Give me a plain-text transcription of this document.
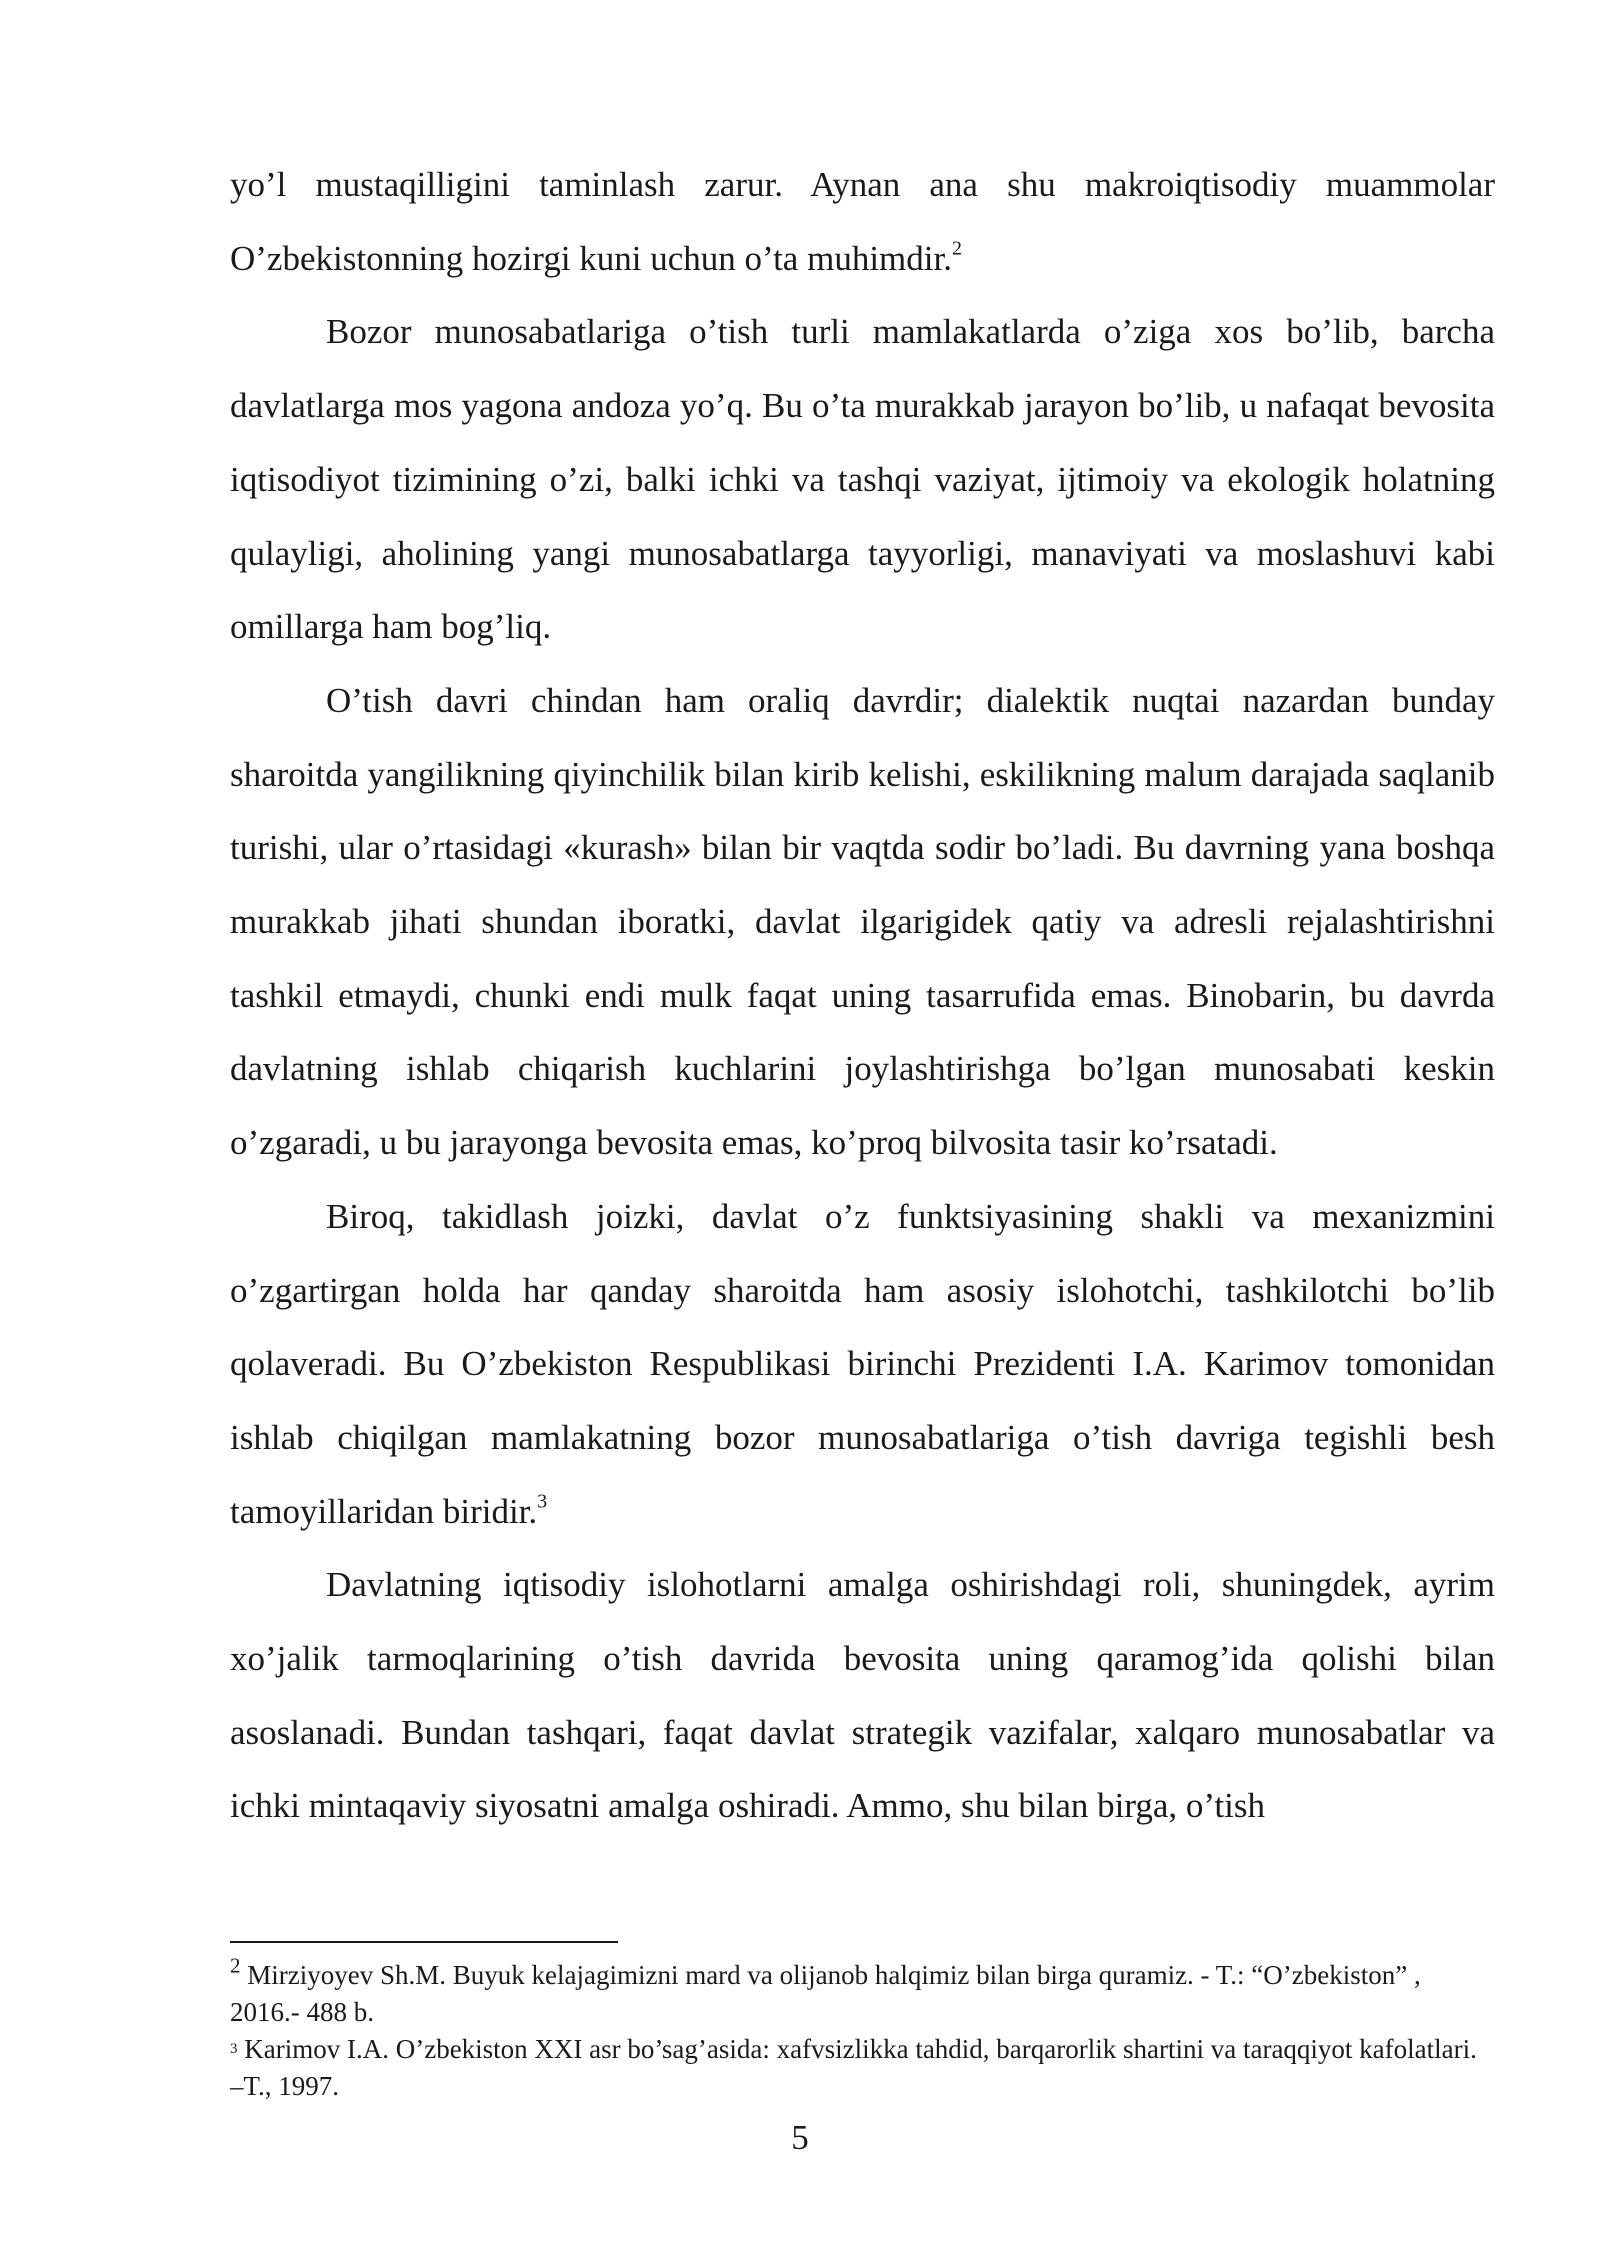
yo’l mustaqilligini taminlash zarur. Aynan ana shu makroiqtisodiy muammolar O’zbekistonning hozirgi kuni uchun o’ta muhimdir.$^2$

Bozor munosabatlariga o’tish turli mamlakatlarda o’ziga xos bo’lib, barcha davlatlarga mos yagona andoza yo’q. Bu o’ta murakkab jarayon bo’lib, u nafaqat bevosita iqtisodiyot tizimining o’zi, balki ichki va tashqi vaziyat, ijtimoiy va ekologik holatning qulayligi, aholining yangi munosabatlarga tayyorligi, manaviyati va moslashuvi kabi omillarga ham bog’liq.

O’tish davri chindan ham oraliq davrdir; dialektik nuqtai nazardan bunday sharoitda yangilikning qiyinchilik bilan kirib kelishi, eskilikning malum darajada saqlanib turishi, ular o’rtasidagi «kurash» bilan bir vaqtda sodir bo’ladi. Bu davrning yana boshqa murakkab jihati shundan iboratki, davlat ilgarigidek qatiy va adresli rejalashtirishni tashkil etmaydi, chunki endi mulk faqat uning tasarrufida emas. Binobarin, bu davrda davlatning ishlab chiqarish kuchlarini joylashtirishga bo’lgan munosabati keskin o’zgaradi, u bu jarayonga bevosita emas, ko’proq bilvosita tasir ko’rsatadi.

Biroq, takidlash joizki, davlat o’z funktsiyasining shakli va mexanizmini o’zgartirgan holda har qanday sharoitda ham asosiy islohotchi, tashkilotchi bo’lib qolaveradi. Bu O’zbekiston Respublikasi birinchi Prezidenti I.A. Karimov tomonidan ishlab chiqilgan mamlakatning bozor munosabatlariga o’tish davriga tegishli besh tamoyillaridan biridir.$^3$

Davlatning iqtisodiy islohotlarni amalga oshirishdagi roli, shuningdek, ayrim xo’jalik tarmoqlarining o’tish davrida bevosita uning qaramog’ida qolishi bilan asoslanadi. Bundan tashqari, faqat davlat strategik vazifalar, xalqaro munosabatlar va ichki mintaqaviy siyosatni amalga oshiradi. Ammo, shu bilan birga, o’tish

$^2$ Mirziyoyev Sh.M. Buyuk kelajagimizni mard va olijanob halqimiz bilan birga quramiz. - T.: “O’zbekiston” , 2016.- 488 b.

3 Karimov I.A. O’zbekiston XXI asr bo’sag’asida: xafvsizlikka tahdid, barqarorlik shartini va taraqqiyot kafolatlari. –T., 1997.

5
